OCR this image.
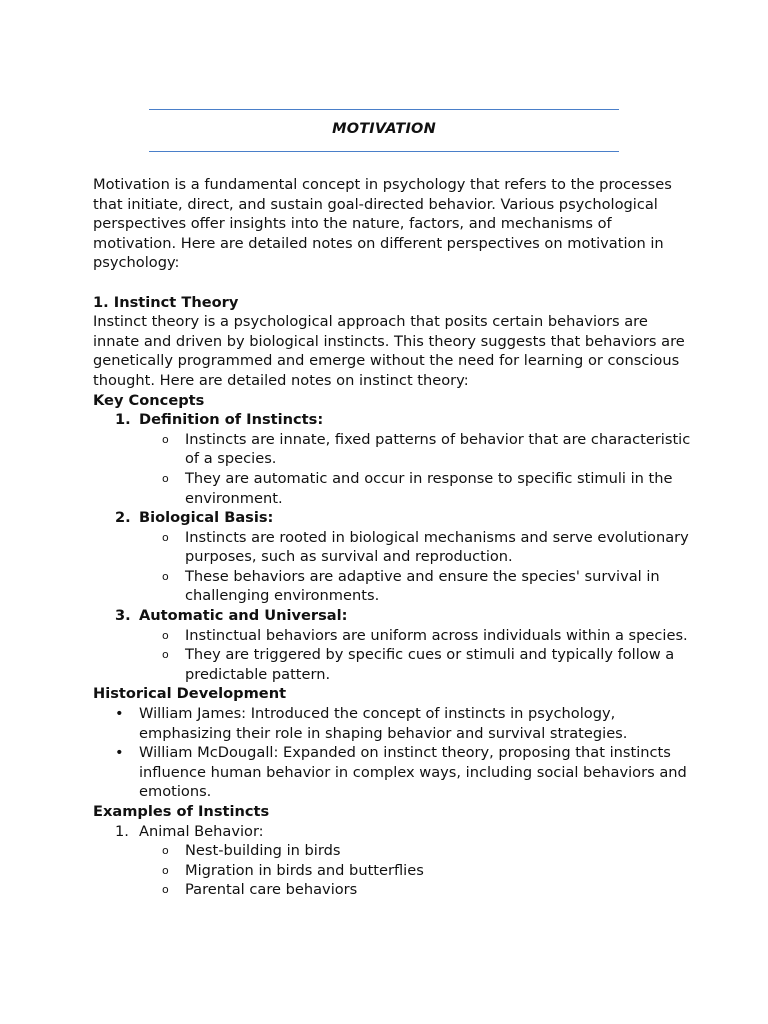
MOTIVATION

Motivation is a fundamental concept in psychology that refers to the processes that initiate, direct, and sustain goal-directed behavior. Various psychological perspectives offer insights into the nature, factors, and mechanisms of motivation. Here are detailed notes on different perspectives on motivation in psychology:

1. Instinct Theory

Instinct theory is a psychological approach that posits certain behaviors are innate and driven by biological instincts. This theory suggests that behaviors are genetically programmed and emerge without the need for learning or conscious thought. Here are detailed notes on instinct theory:

Key Concepts

1. Definition of Instincts:
o Instincts are innate, fixed patterns of behavior that are characteristic of a species.
o They are automatic and occur in response to specific stimuli in the environment.
2. Biological Basis:
o Instincts are rooted in biological mechanisms and serve evolutionary purposes, such as survival and reproduction.
o These behaviors are adaptive and ensure the species' survival in challenging environments.
3. Automatic and Universal:
o Instinctual behaviors are uniform across individuals within a species.
o They are triggered by specific cues or stimuli and typically follow a predictable pattern.

Historical Development

• William James: Introduced the concept of instincts in psychology, emphasizing their role in shaping behavior and survival strategies.
• William McDougall: Expanded on instinct theory, proposing that instincts influence human behavior in complex ways, including social behaviors and emotions.

Examples of Instincts

1. Animal Behavior:
o Nest-building in birds
o Migration in birds and butterflies
o Parental care behaviors
